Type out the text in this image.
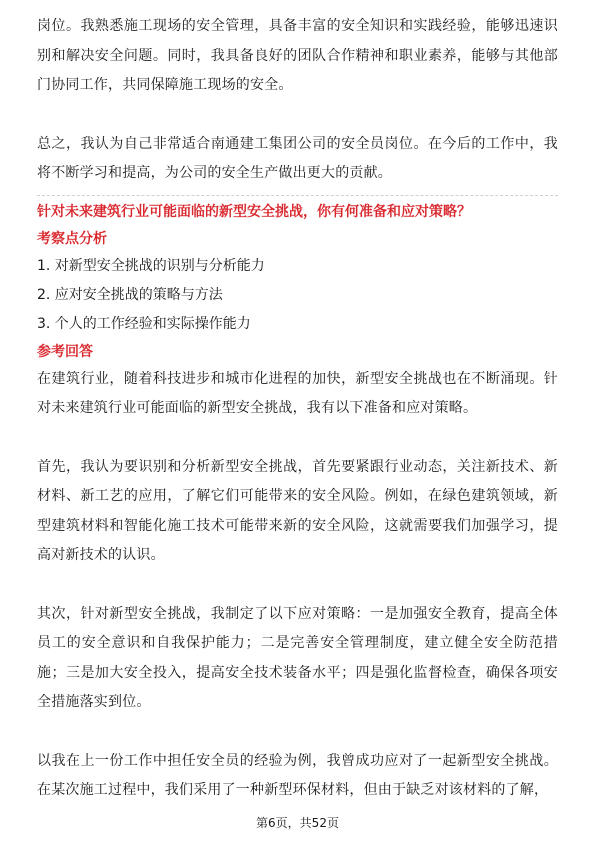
岗位。我熟悉施工现场的安全管理，具备丰富的安全知识和实践经验，能够迅速识别和解决安全问题。同时，我具备良好的团队合作精神和职业素养，能够与其他部门协同工作，共同保障施工现场的安全。

总之，我认为自己非常适合南通建工集团公司的安全员岗位。在今后的工作中，我将不断学习和提高，为公司的安全生产做出更大的贡献。

针对未来建筑行业可能面临的新型安全挑战，你有何准备和应对策略？
考察点分析
1. 对新型安全挑战的识别与分析能力
2. 应对安全挑战的策略与方法
3. 个人的工作经验和实际操作能力
参考回答

在建筑行业，随着科技进步和城市化进程的加快，新型安全挑战也在不断涌现。针对未来建筑行业可能面临的新型安全挑战，我有以下准备和应对策略。

首先，我认为要识别和分析新型安全挑战，首先要紧跟行业动态，关注新技术、新材料、新工艺的应用，了解它们可能带来的安全风险。例如，在绿色建筑领域，新型建筑材料和智能化施工技术可能带来新的安全风险，这就需要我们加强学习，提高对新技术的认识。

其次，针对新型安全挑战，我制定了以下应对策略：一是加强安全教育，提高全体员工的安全意识和自我保护能力；二是完善安全管理制度，建立健全安全防范措施；三是加大安全投入，提高安全技术装备水平；四是强化监督检查，确保各项安全措施落实到位。

以我在上一份工作中担任安全员的经验为例，我曾成功应对了一起新型安全挑战。在某次施工过程中，我们采用了一种新型环保材料，但由于缺乏对该材料的了解，

第6页，共52页
